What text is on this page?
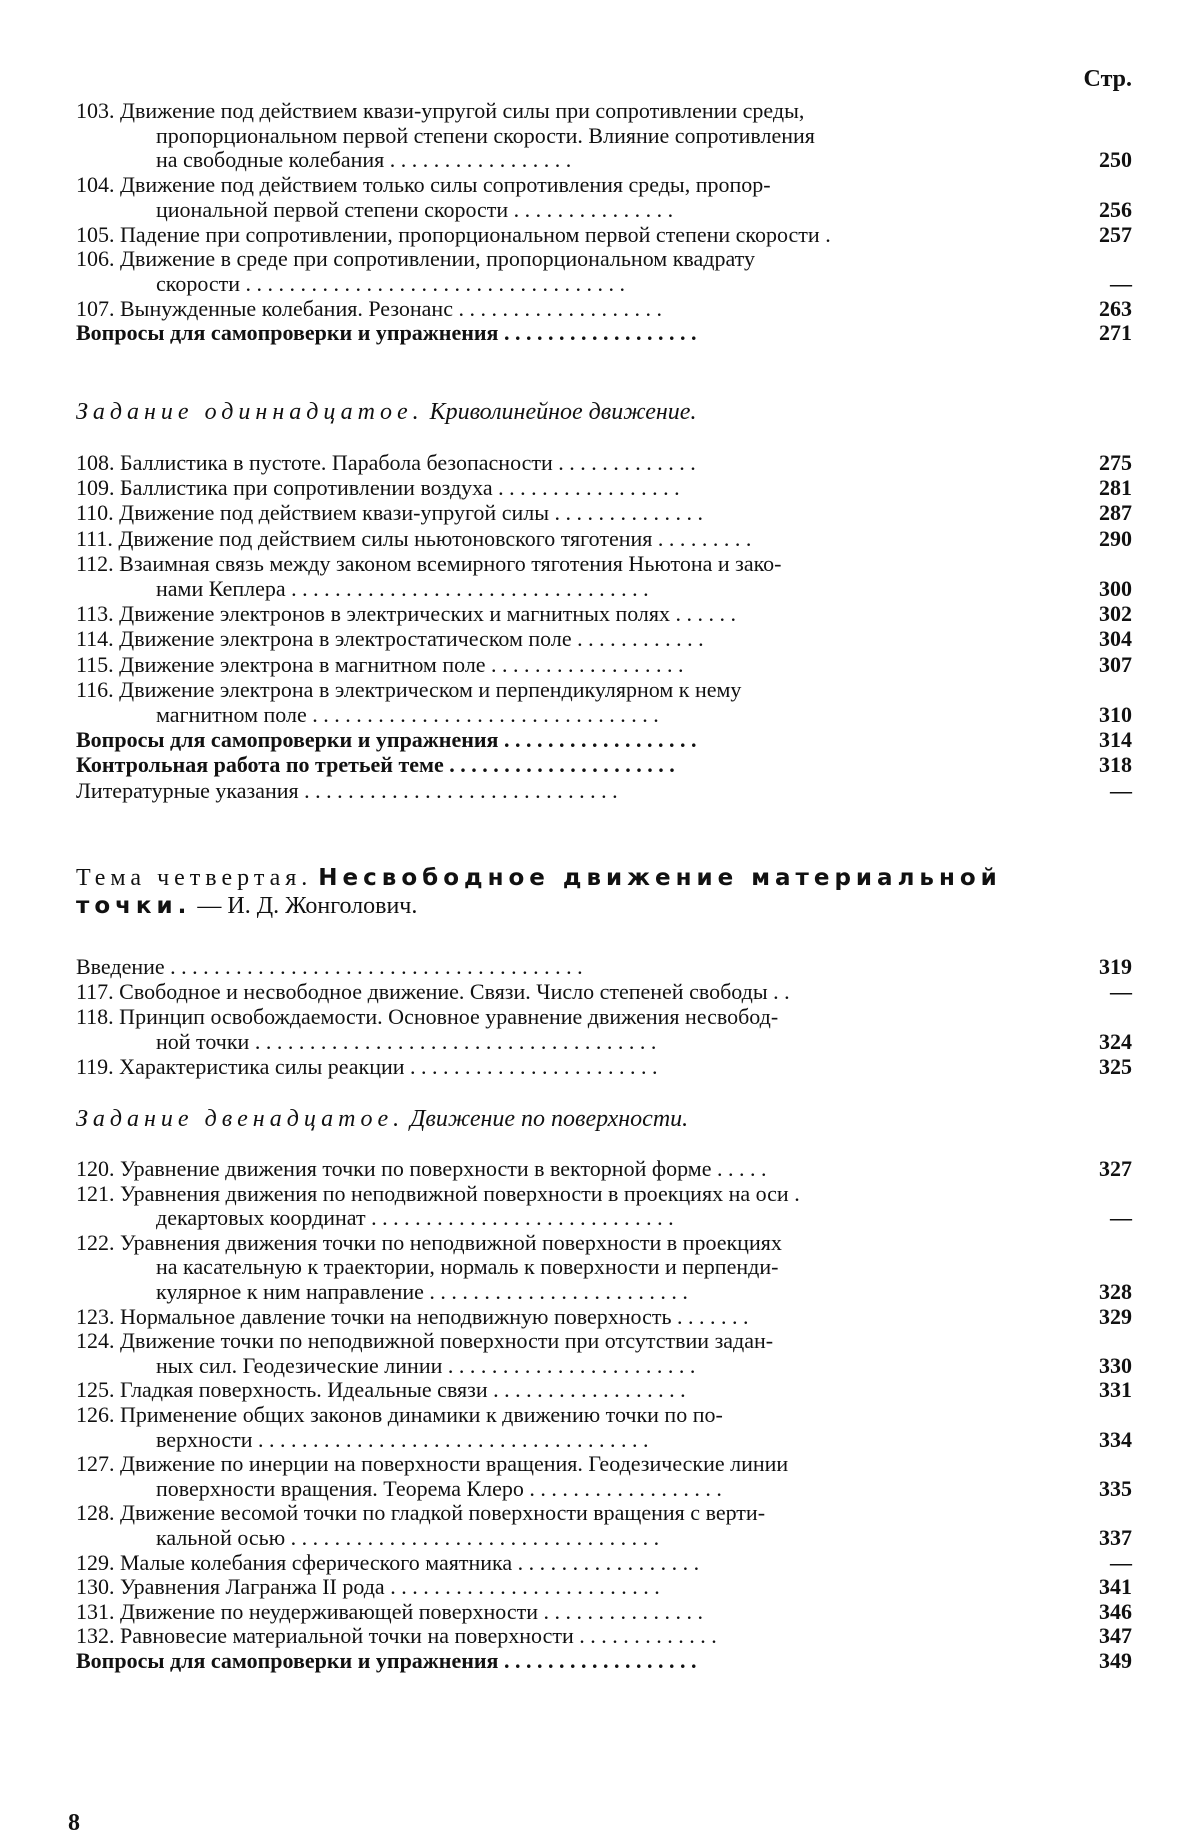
Стр.
103. Движение под действием квази-упругой силы при сопротивлении среды,
пропорциональном первой степени скорости. Влияние сопротивления
на свободные колебания . . . . . . . . . . . . . . . . .	250
104. Движение под действием только силы сопротивления среды, пропор-
циональной первой степени скорости . . . . . . . . . . . . . . .	256
105. Падение при сопротивлении, пропорциональном первой степени скорости .	257
106. Движение в среде при сопротивлении, пропорциональном квадрату
скорости . . . . . . . . . . . . . . . . . . . . . . . . . . . . . . . . . . .	—
107. Вынужденные колебания. Резонанс . . . . . . . . . . . . . . . . . . .	263
Вопросы для самопроверки и упражнения . . . . . . . . . . . . . . . . . .	271
Задание одиннадцатое. Криволинейное движение.
108. Баллистика в пустоте. Парабола безопасности . . . . . . . . . . . . .	275
109. Баллистика при сопротивлении воздуха . . . . . . . . . . . . . . . . .	281
110. Движение под действием квази-упругой силы . . . . . . . . . . . . . .	287
111. Движение под действием силы ньютоновского тяготения . . . . . . . . .	290
112. Взаимная связь между законом всемирного тяготения Ньютона и зако-
нами Кеплера . . . . . . . . . . . . . . . . . . . . . . . . . . . . . . . . .	300
113. Движение электронов в электрических и магнитных полях . . . . . .	302
114. Движение электрона в электростатическом поле . . . . . . . . . . . .	304
115. Движение электрона в магнитном поле . . . . . . . . . . . . . . . . . .	307
116. Движение электрона в электрическом и перпендикулярном к нему
магнитном поле . . . . . . . . . . . . . . . . . . . . . . . . . . . . . . . .	310
Вопросы для самопроверки и упражнения . . . . . . . . . . . . . . . . . .	314
Контрольная работа по третьей теме . . . . . . . . . . . . . . . . . . . . .	318
Литературные указания . . . . . . . . . . . . . . . . . . . . . . . . . . . . .	—
Тема четвертая. Несвободное движение материальной
точки. — И. Д. Жонголович.
Введение . . . . . . . . . . . . . . . . . . . . . . . . . . . . . . . . . . . . . .	319
117. Свободное и несвободное движение. Связи. Число степеней свободы . .	—
118. Принцип освобождаемости. Основное уравнение движения несвобод-
ной точки . . . . . . . . . . . . . . . . . . . . . . . . . . . . . . . . . . . . .	324
119. Характеристика силы реакции . . . . . . . . . . . . . . . . . . . . . . .	325
Задание двенадцатое. Движение по поверхности.
120. Уравнение движения точки по поверхности в векторной форме . . . . .	327
121. Уравнения движения по неподвижной поверхности в проекциях на оси .
декартовых координат . . . . . . . . . . . . . . . . . . . . . . . . . . . .	—
122. Уравнения движения точки по неподвижной поверхности в проекциях
на касательную к траектории, нормаль к поверхности и перпенди-
кулярное к ним направление . . . . . . . . . . . . . . . . . . . . . . . .	328
123. Нормальное давление точки на неподвижную поверхность . . . . . . .	329
124. Движение точки по неподвижной поверхности при отсутствии задан-
ных сил. Геодезические линии . . . . . . . . . . . . . . . . . . . . . . .	330
125. Гладкая поверхность. Идеальные связи . . . . . . . . . . . . . . . . . .	331
126. Применение общих законов динамики к движению точки по по-
верхности . . . . . . . . . . . . . . . . . . . . . . . . . . . . . . . . . . . .	334
127. Движение по инерции на поверхности вращения. Геодезические линии
поверхности вращения. Теорема Клеро . . . . . . . . . . . . . . . . . .	335
128. Движение весомой точки по гладкой поверхности вращения с верти-
кальной осью . . . . . . . . . . . . . . . . . . . . . . . . . . . . . . . . . .	337
129. Малые колебания сферического маятника . . . . . . . . . . . . . . . . .	—
130. Уравнения Лагранжа II рода . . . . . . . . . . . . . . . . . . . . . . . . .	341
131. Движение по неудерживающей поверхности . . . . . . . . . . . . . . .	346
132. Равновесие материальной точки на поверхности . . . . . . . . . . . . .	347
Вопросы для самопроверки и упражнения . . . . . . . . . . . . . . . . . .	349
8
